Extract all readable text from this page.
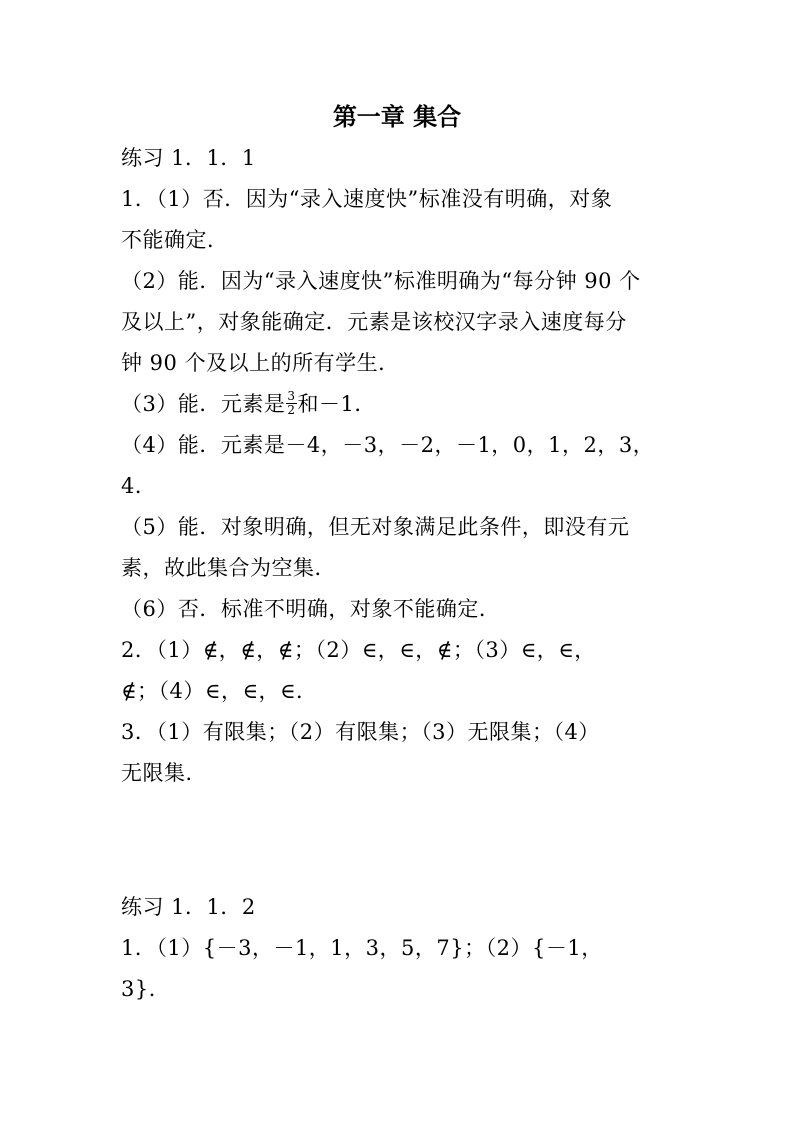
第一章 集合
练习 1．1．1
1．（1）否．因为“录入速度快”标准没有明确，对象
不能确定．
（2）能．因为“录入速度快”标准明确为“每分钟 90 个
及以上”，对象能确定．元素是该校汉字录入速度每分
钟 90 个及以上的所有学生．
（3）能．元素是 $\frac{3}{2}$ 和－1．
（4）能．元素是－4，－3，－2，－1，0，1，2，3，
4．
（5）能．对象明确，但无对象满足此条件，即没有元
素，故此集合为空集．
（6）否．标准不明确，对象不能确定．
2．（1）∉，∉，∉；（2）∈，∈，∉；（3）∈，∈，
∉；（4）∈，∈，∈．
3．（1）有限集；（2）有限集；（3）无限集；（4）
无限集．
练习 1．1．2
1．（1）{－3，－1，1，3，5，7}；（2）{－1，
3}．
